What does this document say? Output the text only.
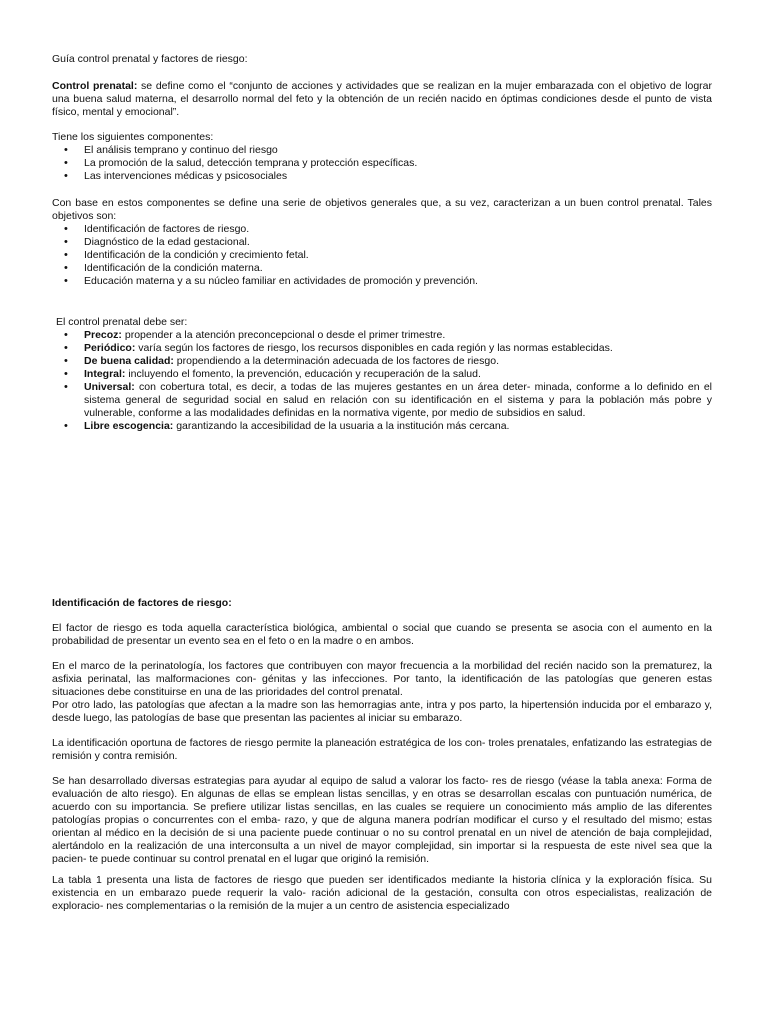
Guía control prenatal y factores de riesgo:

Control prenatal: se define como el “conjunto de acciones y actividades que se realizan en la mujer embarazada con el objetivo de lograr una buena salud materna, el desarrollo normal del feto y la obtención de un recién nacido en óptimas condiciones desde el punto de vista físico, mental y emocional”.

Tiene los siguientes componentes:

• El análisis temprano y continuo del riesgo
• La promoción de la salud, detección temprana y protección específicas.
• Las intervenciones médicas y psicosociales

Con base en estos componentes se define una serie de objetivos generales que, a su vez, caracterizan a un buen control prenatal. Tales objetivos son:

• Identificación de factores de riesgo.
• Diagnóstico de la edad gestacional.
• Identificación de la condición y crecimiento fetal.
• Identificación de la condición materna.
• Educación materna y a su núcleo familiar en actividades de promoción y prevención.

El control prenatal debe ser:

• Precoz: propender a la atención preconcepcional o desde el primer trimestre.
• Periódico: varía según los factores de riesgo, los recursos disponibles en cada región y las normas establecidas.
• De buena calidad: propendiendo a la determinación adecuada de los factores de riesgo.
• Integral: incluyendo el fomento, la prevención, educación y recuperación de la salud.
• Universal: con cobertura total, es decir, a todas de las mujeres gestantes en un área deter- minada, conforme a lo definido en el sistema general de seguridad social en salud en relación con su identificación en el sistema y para la población más pobre y vulnerable, conforme a las modalidades definidas en la normativa vigente, por medio de subsidios en salud.
• Libre escogencia: garantizando la accesibilidad de la usuaria a la institución más cercana.

Identificación de factores de riesgo:

El factor de riesgo es toda aquella característica biológica, ambiental o social que cuando se presenta se asocia con el aumento en la probabilidad de presentar un evento sea en el feto o en la madre o en ambos.

En el marco de la perinatología, los factores que contribuyen con mayor frecuencia a la morbilidad del recién nacido son la prematurez, la asfixia perinatal, las malformaciones con- génitas y las infecciones. Por tanto, la identificación de las patologías que generen estas situaciones debe constituirse en una de las prioridades del control prenatal.

Por otro lado, las patologías que afectan a la madre son las hemorragias ante, intra y pos parto, la hipertensión inducida por el embarazo y, desde luego, las patologías de base que presentan las pacientes al iniciar su embarazo.

La identificación oportuna de factores de riesgo permite la planeación estratégica de los con- troles prenatales, enfatizando las estrategias de remisión y contra remisión.

Se han desarrollado diversas estrategias para ayudar al equipo de salud a valorar los facto- res de riesgo (véase la tabla anexa: Forma de evaluación de alto riesgo). En algunas de ellas se emplean listas sencillas, y en otras se desarrollan escalas con puntuación numérica, de acuerdo con su importancia. Se prefiere utilizar listas sencillas, en las cuales se requiere un conocimiento más amplio de las diferentes patologías propias o concurrentes con el emba- razo, y que de alguna manera podrían modificar el curso y el resultado del mismo; estas orientan al médico en la decisión de si una paciente puede continuar o no su control prenatal en un nivel de atención de baja complejidad, alertándolo en la realización de una interconsulta a un nivel de mayor complejidad, sin importar si la respuesta de este nivel sea que la pacien- te puede continuar su control prenatal en el lugar que originó la remisión.

La tabla 1 presenta una lista de factores de riesgo que pueden ser identificados mediante la historia clínica y la exploración física. Su existencia en un embarazo puede requerir la valo- ración adicional de la gestación, consulta con otros especialistas, realización de exploracio- nes complementarias o la remisión de la mujer a un centro de asistencia especializado
